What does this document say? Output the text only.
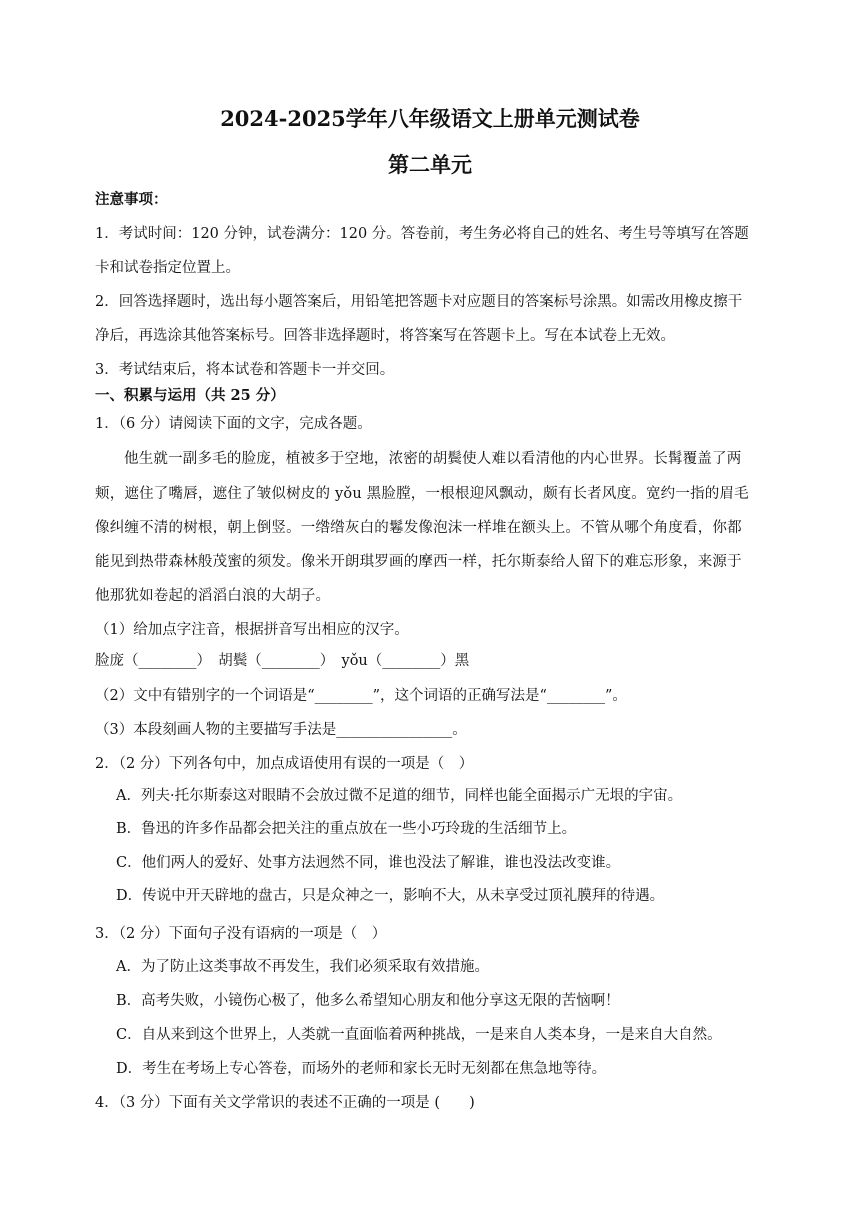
2024-2025学年八年级语文上册单元测试卷
第二单元
注意事项：
1．考试时间：120 分钟，试卷满分：120 分。答卷前，考生务必将自己的姓名、考生号等填写在答题
卡和试卷指定位置上。
2．回答选择题时，选出每小题答案后，用铅笔把答题卡对应题目的答案标号涂黑。如需改用橡皮擦干
净后，再选涂其他答案标号。回答非选择题时，将答案写在答题卡上。写在本试卷上无效。
3．考试结束后，将本试卷和答题卡一并交回。
一、积累与运用（共 25 分）
1．（6 分）请阅读下面的文字，完成各题。
他生就一副多毛的脸庞，植被多于空地，浓密的胡鬓使人难以看清他的内心世界。长髯覆盖了两
颊，遮住了嘴唇，遮住了皱似树皮的 yǒu 黑脸膛，一根根迎风飘动，颇有长者风度。宽约一指的眉毛
像纠缠不清的树根，朝上倒竖。一绺绺灰白的鬈发像泡沫一样堆在额头上。不管从哪个角度看，你都
能见到热带森林般茂蜜的须发。像米开朗琪罗画的摩西一样，托尔斯泰给人留下的难忘形象，来源于
他那犹如卷起的滔滔白浪的大胡子。
（1）给加点字注音，根据拼音写出相应的汉字。
脸庞（________）　胡鬓（________）　yǒu（________）黑
（2）文中有错别字的一个词语是“________”，这个词语的正确写法是“________”。
（3）本段刻画人物的主要描写手法是________________。
2．（2 分）下列各句中，加点成语使用有误的一项是（　）
A．列夫·托尔斯泰这对眼睛不会放过微不足道的细节，同样也能全面揭示广无垠的宇宙。
B．鲁迅的许多作品都会把关注的重点放在一些小巧玲珑的生活细节上。
C．他们两人的爱好、处事方法迥然不同，谁也没法了解谁，谁也没法改变谁。
D．传说中开天辟地的盘古，只是众神之一，影响不大，从未享受过顶礼膜拜的待遇。
3．（2 分）下面句子没有语病的一项是（　）
A．为了防止这类事故不再发生，我们必须采取有效措施。
B．高考失败，小镜伤心极了，他多么希望知心朋友和他分享这无限的苦恼啊！
C．自从来到这个世界上，人类就一直面临着两种挑战，一是来自人类本身，一是来自大自然。
D．考生在考场上专心答卷，而场外的老师和家长无时无刻都在焦急地等待。
4．（3 分）下面有关文学常识的表述不正确的一项是 (　　)
